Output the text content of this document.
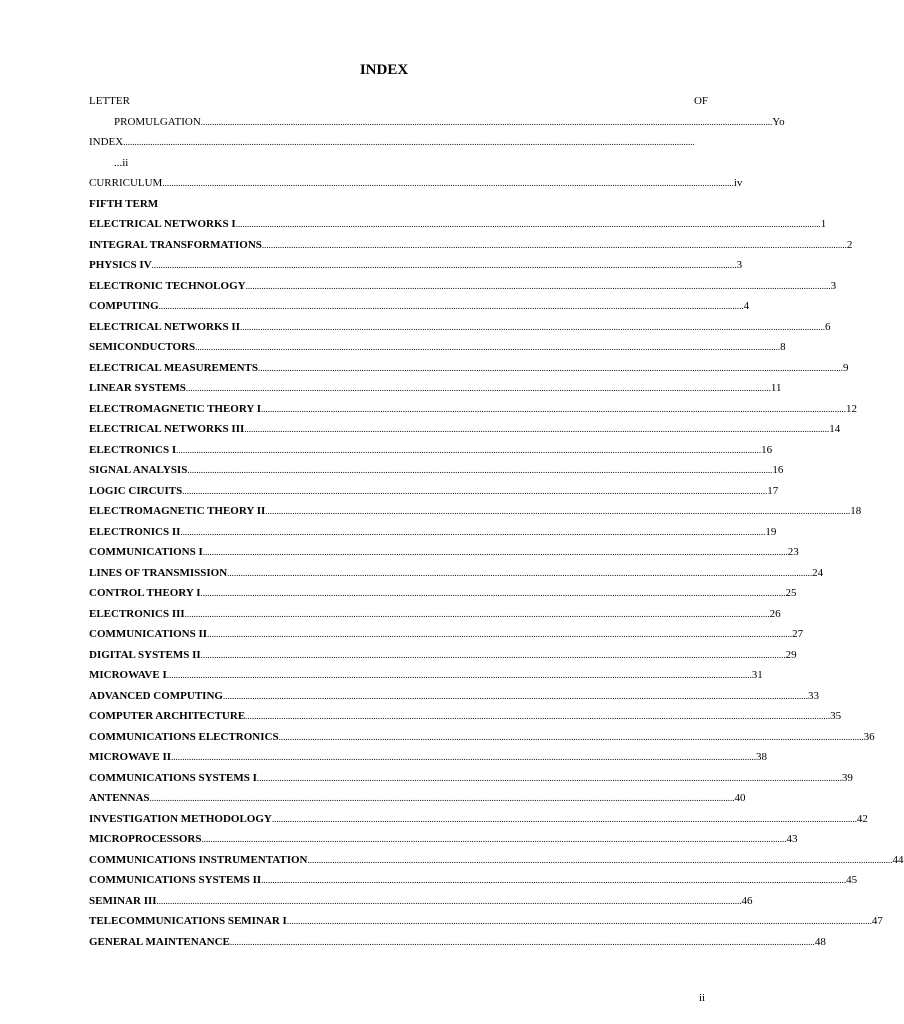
INDEX
LETTER	OF
PROMULGATION .............................................................................................................................................................................................................................................................. Yo
INDEX ..............................................................................................................................................................................................................................................................
... ii
CURRICULUM .............................................................................................................................................................................................................................................................. iv
FIFTH TERM
ELECTRICAL NETWORKS I .................................................................................................................................................................................................................................................................... 1
INTEGRAL TRANSFORMATIONS .................................................................................................................................................................................................................................................................... 2
PHYSICS IV .................................................................................................................................................................................................................................................................... 3
ELECTRONIC TECHNOLOGY .................................................................................................................................................................................................................................................................... 3
COMPUTING .................................................................................................................................................................................................................................................................... 4
ELECTRICAL NETWORKS II .................................................................................................................................................................................................................................................................... 6
SEMICONDUCTORS .................................................................................................................................................................................................................................................................... 8
ELECTRICAL MEASUREMENTS .................................................................................................................................................................................................................................................................... 9
LINEAR SYSTEMS .................................................................................................................................................................................................................................................................... 11
ELECTROMAGNETIC THEORY I .................................................................................................................................................................................................................................................................... 12
ELECTRICAL NETWORKS III .................................................................................................................................................................................................................................................................... 14
ELECTRONICS I .................................................................................................................................................................................................................................................................... 16
SIGNAL ANALYSIS .................................................................................................................................................................................................................................................................... 16
LOGIC CIRCUITS .................................................................................................................................................................................................................................................................... 17
ELECTROMAGNETIC THEORY II .................................................................................................................................................................................................................................................................... 18
ELECTRONICS II .................................................................................................................................................................................................................................................................... 19
COMMUNICATIONS I .................................................................................................................................................................................................................................................................... 23
LINES OF TRANSMISSION .................................................................................................................................................................................................................................................................... 24
CONTROL THEORY I .................................................................................................................................................................................................................................................................... 25
ELECTRONICS III .................................................................................................................................................................................................................................................................... 26
COMMUNICATIONS II .................................................................................................................................................................................................................................................................... 27
DIGITAL SYSTEMS II .................................................................................................................................................................................................................................................................... 29
MICROWAVE I .................................................................................................................................................................................................................................................................... 31
ADVANCED COMPUTING .................................................................................................................................................................................................................................................................... 33
COMPUTER ARCHITECTURE .................................................................................................................................................................................................................................................................... 35
COMMUNICATIONS ELECTRONICS .................................................................................................................................................................................................................................................................... 36
MICROWAVE II .................................................................................................................................................................................................................................................................... 38
COMMUNICATIONS SYSTEMS I .................................................................................................................................................................................................................................................................... 39
ANTENNAS .................................................................................................................................................................................................................................................................... 40
INVESTIGATION METHODOLOGY .................................................................................................................................................................................................................................................................... 42
MICROPROCESSORS .................................................................................................................................................................................................................................................................... 43
COMMUNICATIONS INSTRUMENTATION .................................................................................................................................................................................................................................................................... 44
COMMUNICATIONS SYSTEMS II .................................................................................................................................................................................................................................................................... 45
SEMINAR III .................................................................................................................................................................................................................................................................... 46
TELECOMMUNICATIONS SEMINAR I .................................................................................................................................................................................................................................................................... 47
GENERAL MAINTENANCE .................................................................................................................................................................................................................................................................... 48
ii
